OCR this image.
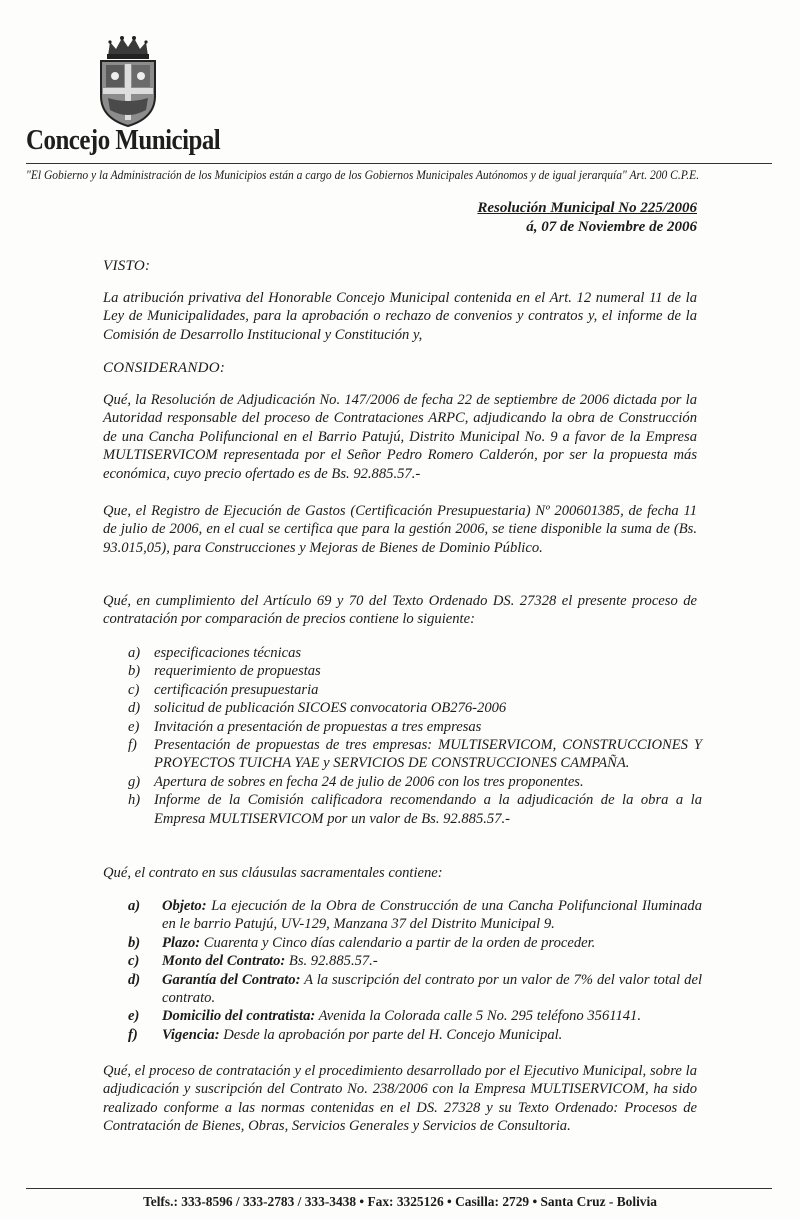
Concejo Municipal
"El Gobierno y la Administración de los Municipios están a cargo de los Gobiernos Municipales Autónomos y de igual jerarquía" Art. 200 C.P.E.
Resolución Municipal No 225/2006
á, 07 de Noviembre de 2006
VISTO:

La atribución privativa del Honorable Concejo Municipal contenida en el Art. 12 numeral 11 de la Ley de Municipalidades, para la aprobación o rechazo de convenios y contratos y, el informe de la Comisión de Desarrollo Institucional y Constitución y,

CONSIDERANDO:

Qué, la Resolución de Adjudicación No. 147/2006 de fecha 22 de septiembre de 2006 dictada por la Autoridad responsable del proceso de Contrataciones ARPC, adjudicando la obra de Construcción de una Cancha Polifuncional en el Barrio Patujú, Distrito Municipal No. 9 a favor de la Empresa MULTISERVICOM representada por el Señor Pedro Romero Calderón, por ser la propuesta más económica, cuyo precio ofertado es de Bs. 92.885.57.-

Que, el Registro de Ejecución de Gastos (Certificación Presupuestaria) Nº 200601385, de fecha 11 de julio de 2006, en el cual se certifica que para la gestión 2006, se tiene disponible la suma de (Bs. 93.015,05), para Construcciones y Mejoras de Bienes de Dominio Público.

Qué, en cumplimiento del Artículo 69 y 70 del Texto Ordenado DS. 27328 el presente proceso de contratación por comparación de precios contiene lo siguiente:

a) especificaciones técnicas
b) requerimiento de propuestas
c) certificación presupuestaria
d) solicitud de publicación SICOES convocatoria OB276-2006
e) Invitación a presentación de propuestas a tres empresas
f) Presentación de propuestas de tres empresas: MULTISERVICOM, CONSTRUCCIONES Y PROYECTOS TUICHA YAE y SERVICIOS DE CONSTRUCCIONES CAMPAÑA.
g) Apertura de sobres en fecha 24 de julio de 2006 con los tres proponentes.
h) Informe de la Comisión calificadora recomendando a la adjudicación de la obra a la Empresa MULTISERVICOM por un valor de Bs. 92.885.57.-

Qué, el contrato en sus cláusulas sacramentales contiene:

a) Objeto: La ejecución de la Obra de Construcción de una Cancha Polifuncional Iluminada en le barrio Patujú, UV-129, Manzana 37 del Distrito Municipal 9.
b) Plazo: Cuarenta y Cinco días calendario a partir de la orden de proceder.
c) Monto del Contrato: Bs. 92.885.57.-
d) Garantía del Contrato: A la suscripción del contrato por un valor de 7% del valor total del contrato.
e) Domicilio del contratista: Avenida la Colorada calle 5 No. 295 teléfono 3561141.
f) Vigencia: Desde la aprobación por parte del H. Concejo Municipal.

Qué, el proceso de contratación y el procedimiento desarrollado por el Ejecutivo Municipal, sobre la adjudicación y suscripción del Contrato No. 238/2006 con la Empresa MULTISERVICOM, ha sido realizado conforme a las normas contenidas en el DS. 27328 y su Texto Ordenado: Procesos de Contratación de Bienes, Obras, Servicios Generales y Servicios de Consultoria.

Telfs.: 333-8596 / 333-2783 / 333-3438 • Fax: 3325126 • Casilla: 2729 • Santa Cruz - Bolivia
